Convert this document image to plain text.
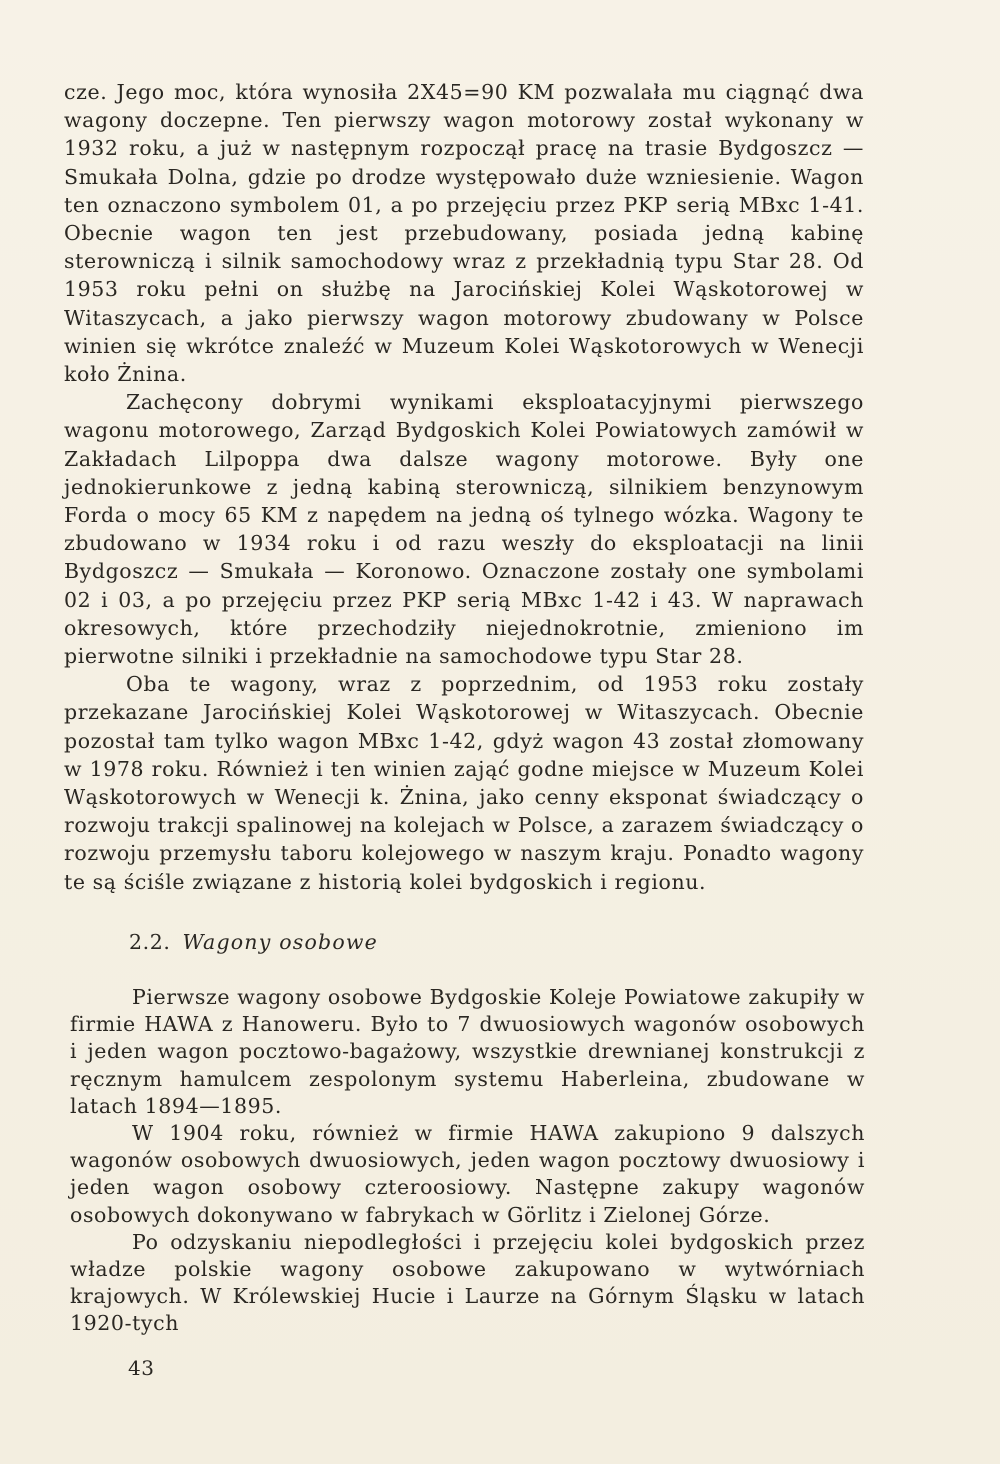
cze. Jego moc, która wynosiła 2X45=90 KM pozwalała mu ciągnąć dwa wagony doczepne. Ten pierwszy wagon motorowy został wykonany w 1932 roku, a już w następnym rozpoczął pracę na trasie Bydgoszcz — Smukała Dolna, gdzie po drodze występowało duże wzniesienie. Wagon ten oznaczono symbolem 01, a po przejęciu przez PKP serią MBxc 1-41. Obecnie wagon ten jest przebudowany, posiada jedną kabinę sterowniczą i silnik samochodowy wraz z przekładnią typu Star 28. Od 1953 roku pełni on służbę na Jarocińskiej Kolei Wąskotorowej w Witaszycach, a jako pierwszy wagon motorowy zbudowany w Polsce winien się wkrótce znaleźć w Muzeum Kolei Wąskotorowych w Wenecji koło Żnina.

Zachęcony dobrymi wynikami eksploatacyjnymi pierwszego wagonu motorowego, Zarząd Bydgoskich Kolei Powiatowych zamówił w Zakładach Lilpoppa dwa dalsze wagony motorowe. Były one jednokierunkowe z jedną kabiną sterowniczą, silnikiem benzynowym Forda o mocy 65 KM z napędem na jedną oś tylnego wózka. Wagony te zbudowano w 1934 roku i od razu weszły do eksploatacji na linii Bydgoszcz — Smukała — Koronowo. Oznaczone zostały one symbolami 02 i 03, a po przejęciu przez PKP serią MBxc 1-42 i 43. W naprawach okresowych, które przechodziły niejednokrotnie, zmieniono im pierwotne silniki i przekładnie na samochodowe typu Star 28.

Oba te wagony, wraz z poprzednim, od 1953 roku zostały przekazane Jarocińskiej Kolei Wąskotorowej w Witaszycach. Obecnie pozostał tam tylko wagon MBxc 1-42, gdyż wagon 43 został złomowany w 1978 roku. Również i ten winien zająć godne miejsce w Muzeum Kolei Wąskotorowych w Wenecji k. Żnina, jako cenny eksponat świadczący o rozwoju trakcji spalinowej na kolejach w Polsce, a zarazem świadczący o rozwoju przemysłu taboru kolejowego w naszym kraju. Ponadto wagony te są ściśle związane z historią kolei bydgoskich i regionu.

2.2. Wagony osobowe

Pierwsze wagony osobowe Bydgoskie Koleje Powiatowe zakupiły w firmie HAWA z Hanoweru. Było to 7 dwuosiowych wagonów osobowych i jeden wagon pocztowo-bagażowy, wszystkie drewnianej konstrukcji z ręcznym hamulcem zespolonym systemu Haberleina, zbudowane w latach 1894—1895.

W 1904 roku, również w firmie HAWA zakupiono 9 dalszych wagonów osobowych dwuosiowych, jeden wagon pocztowy dwuosiowy i jeden wagon osobowy czteroosiowy. Następne zakupy wagonów osobowych dokonywano w fabrykach w Görlitz i Zielonej Górze.

Po odzyskaniu niepodległości i przejęciu kolei bydgoskich przez władze polskie wagony osobowe zakupowano w wytwórniach krajowych. W Królewskiej Hucie i Laurze na Górnym Śląsku w latach 1920-tych

43
